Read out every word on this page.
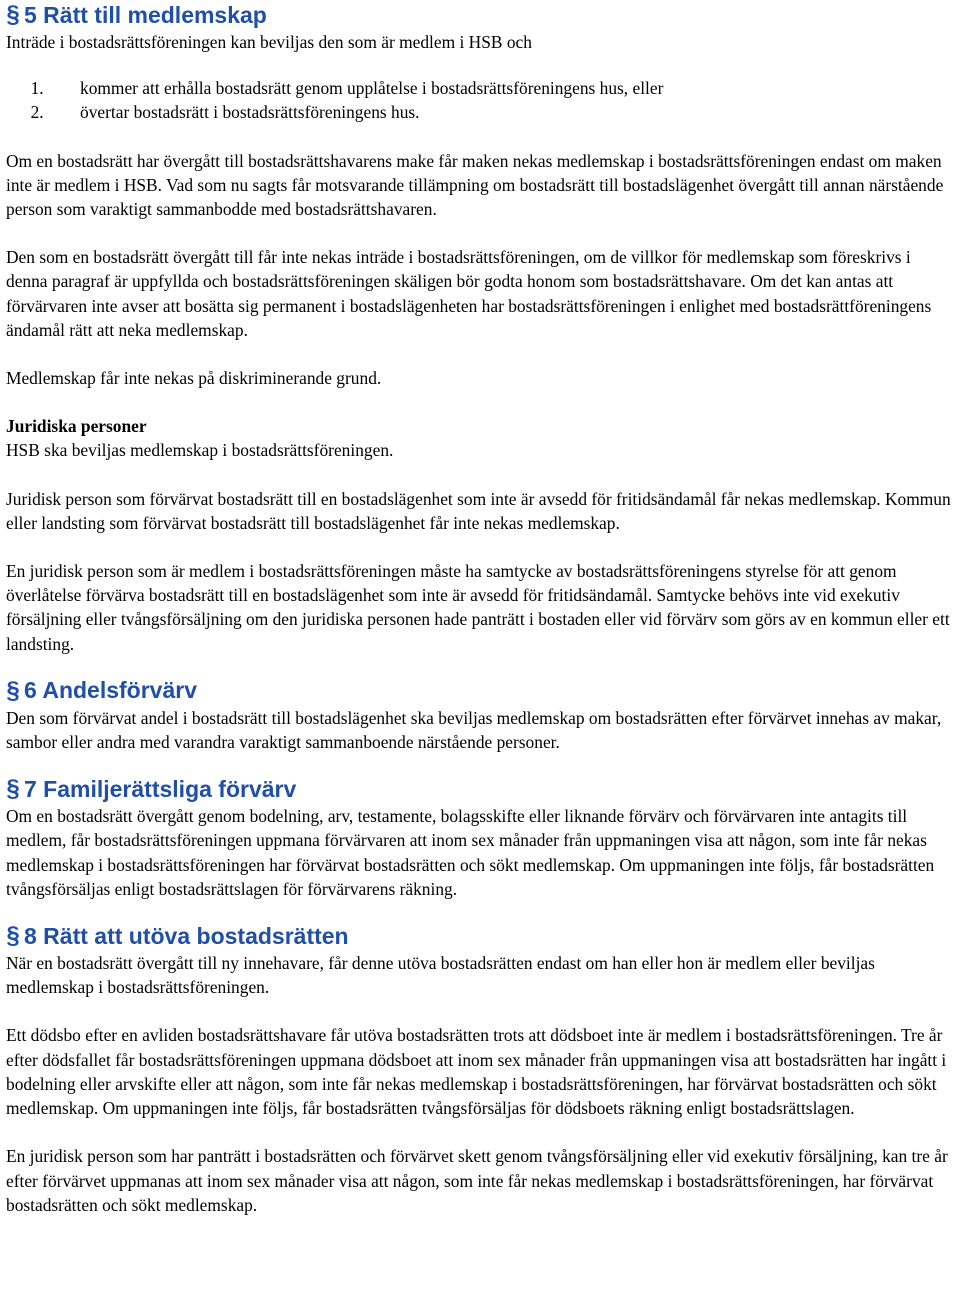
§ 5 Rätt till medlemskap

Inträde i bostadsrättsföreningen kan beviljas den som är medlem i HSB och

1. kommer att erhålla bostadsrätt genom upplåtelse i bostadsrättsföreningens hus, eller
2. övertar bostadsrätt i bostadsrättsföreningens hus.

Om en bostadsrätt har övergått till bostadsrättshavarens make får maken nekas medlemskap i bostadsrättsföreningen endast om maken inte är medlem i HSB. Vad som nu sagts får motsvarande tillämpning om bostadsrätt till bostadslägenhet övergått till annan närstående person som varaktigt sammanbodde med bostadsrättshavaren.

Den som en bostadsrätt övergått till får inte nekas inträde i bostadsrättsföreningen, om de villkor för medlemskap som föreskrivs i denna paragraf är uppfyllda och bostadsrättsföreningen skäligen bör godta honom som bostadsrättshavare. Om det kan antas att förvärvaren inte avser att bosätta sig permanent i bostadslägenheten har bostadsrättsföreningen i enlighet med bostadsrättföreningens ändamål rätt att neka medlemskap.

Medlemskap får inte nekas på diskriminerande grund.

Juridiska personer

HSB ska beviljas medlemskap i bostadsrättsföreningen.

Juridisk person som förvärvat bostadsrätt till en bostadslägenhet som inte är avsedd för fritidsändamål får nekas medlemskap. Kommun eller landsting som förvärvat bostadsrätt till bostadslägenhet får inte nekas medlemskap.

En juridisk person som är medlem i bostadsrättsföreningen måste ha samtycke av bostadsrättsföreningens styrelse för att genom överlåtelse förvärva bostadsrätt till en bostadslägenhet som inte är avsedd för fritidsändamål. Samtycke behövs inte vid exekutiv försäljning eller tvångsförsäljning om den juridiska personen hade panträtt i bostaden eller vid förvärv som görs av en kommun eller ett landsting.

§ 6 Andelsförvärv

Den som förvärvat andel i bostadsrätt till bostadslägenhet ska beviljas medlemskap om bostadsrätten efter förvärvet innehas av makar, sambor eller andra med varandra varaktigt sammanboende närstående personer.

§ 7 Familjerättsliga förvärv

Om en bostadsrätt övergått genom bodelning, arv, testamente, bolagsskifte eller liknande förvärv och förvärvaren inte antagits till medlem, får bostadsrättsföreningen uppmana förvärvaren att inom sex månader från uppmaningen visa att någon, som inte får nekas medlemskap i bostadsrättsföreningen har förvärvat bostadsrätten och sökt medlemskap. Om uppmaningen inte följs, får bostadsrätten tvångsförsäljas enligt bostadsrättslagen för förvärvarens räkning.

§ 8 Rätt att utöva bostadsrätten

När en bostadsrätt övergått till ny innehavare, får denne utöva bostadsrätten endast om han eller hon är medlem eller beviljas medlemskap i bostadsrättsföreningen.

Ett dödsbo efter en avliden bostadsrättshavare får utöva bostadsrätten trots att dödsboet inte är medlem i bostadsrättsföreningen. Tre år efter dödsfallet får bostadsrättsföreningen uppmana dödsboet att inom sex månader från uppmaningen visa att bostadsrätten har ingått i bodelning eller arvskifte eller att någon, som inte får nekas medlemskap i bostadsrättsföreningen, har förvärvat bostadsrätten och sökt medlemskap. Om uppmaningen inte följs, får bostadsrätten tvångsförsäljas för dödsboets räkning enligt bostadsrättslagen.

En juridisk person som har panträtt i bostadsrätten och förvärvet skett genom tvångsförsäljning eller vid exekutiv försäljning, kan tre år efter förvärvet uppmanas att inom sex månader visa att någon, som inte får nekas medlemskap i bostadsrättsföreningen, har förvärvat bostadsrätten och sökt medlemskap.
